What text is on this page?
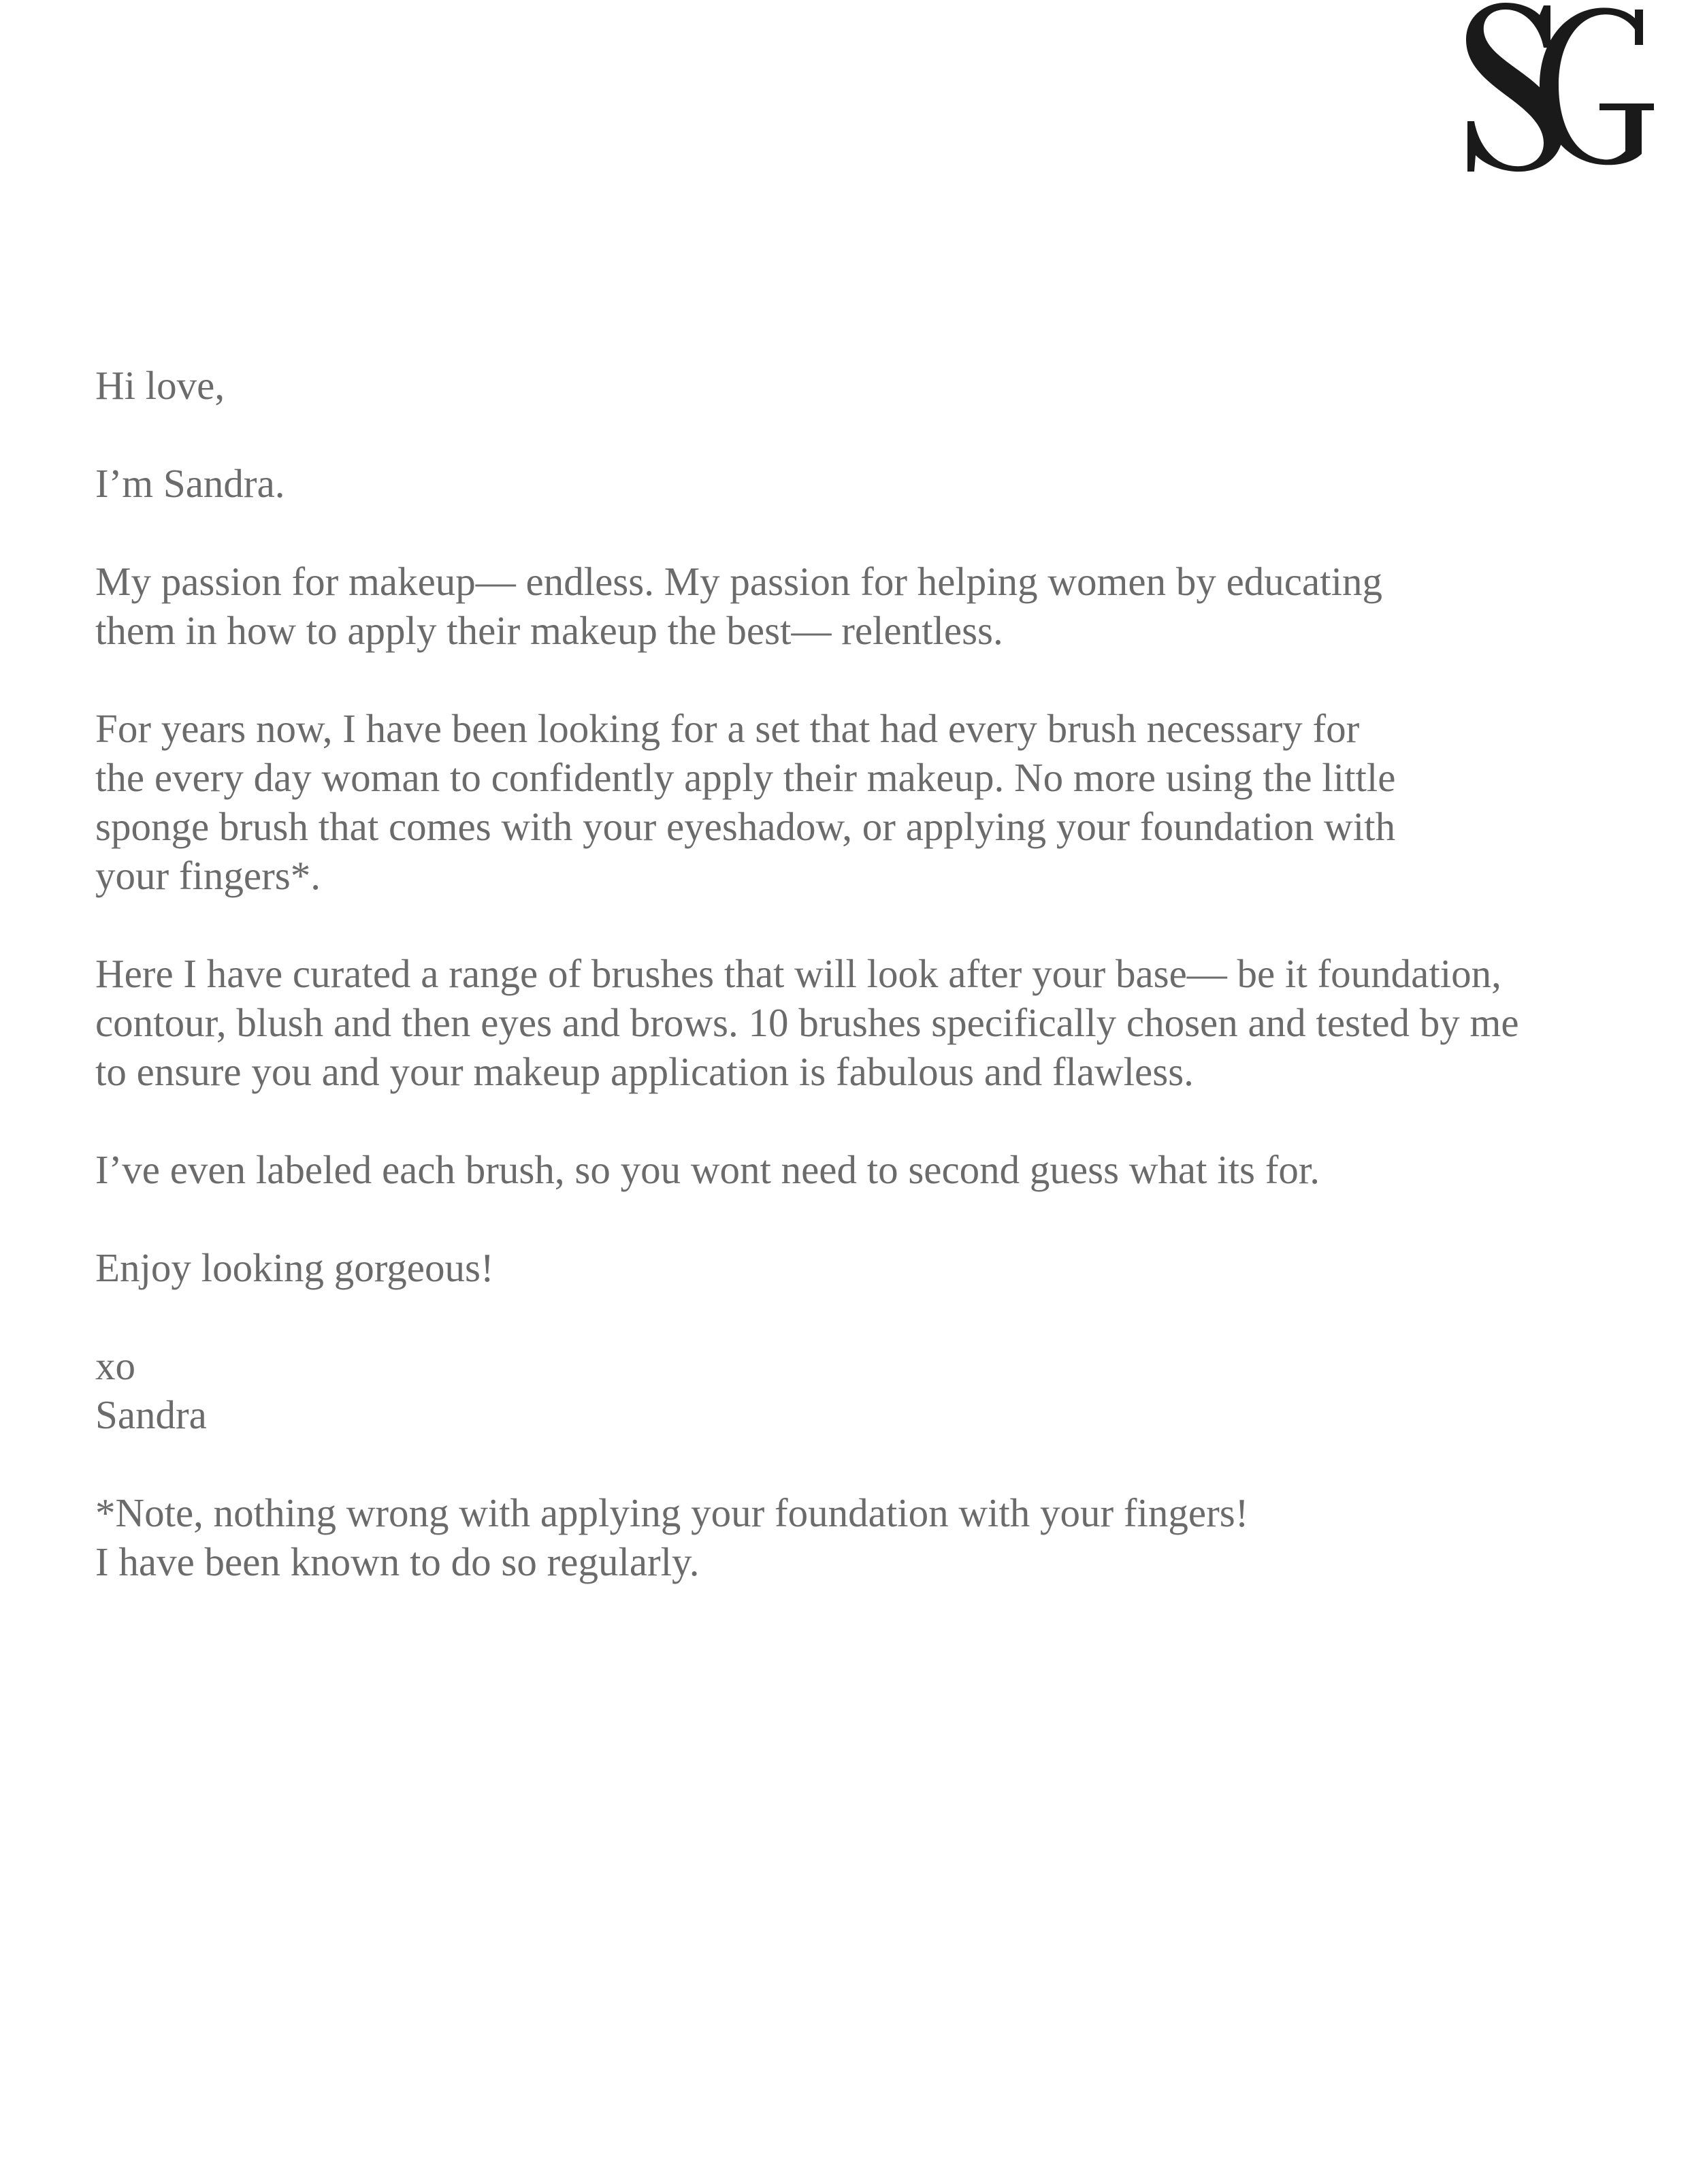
Hi love,

I’m Sandra.

My passion for makeup— endless. My passion for helping women by educating
them in how to apply their makeup the best— relentless.

For years now, I have been looking for a set that had every brush necessary for
the every day woman to confidently apply their makeup. No more using the little
sponge brush that comes with your eyeshadow, or applying your foundation with
your fingers*.

Here I have curated a range of brushes that will look after your base— be it foundation,
contour, blush and then eyes and brows. 10 brushes specifically chosen and tested by me
to ensure you and your makeup application is fabulous and flawless.

I’ve even labeled each brush, so you wont need to second guess what its for.

Enjoy looking gorgeous!

xo

Sandra

*Note, nothing wrong with applying your foundation with your fingers!
I have been known to do so regularly.
